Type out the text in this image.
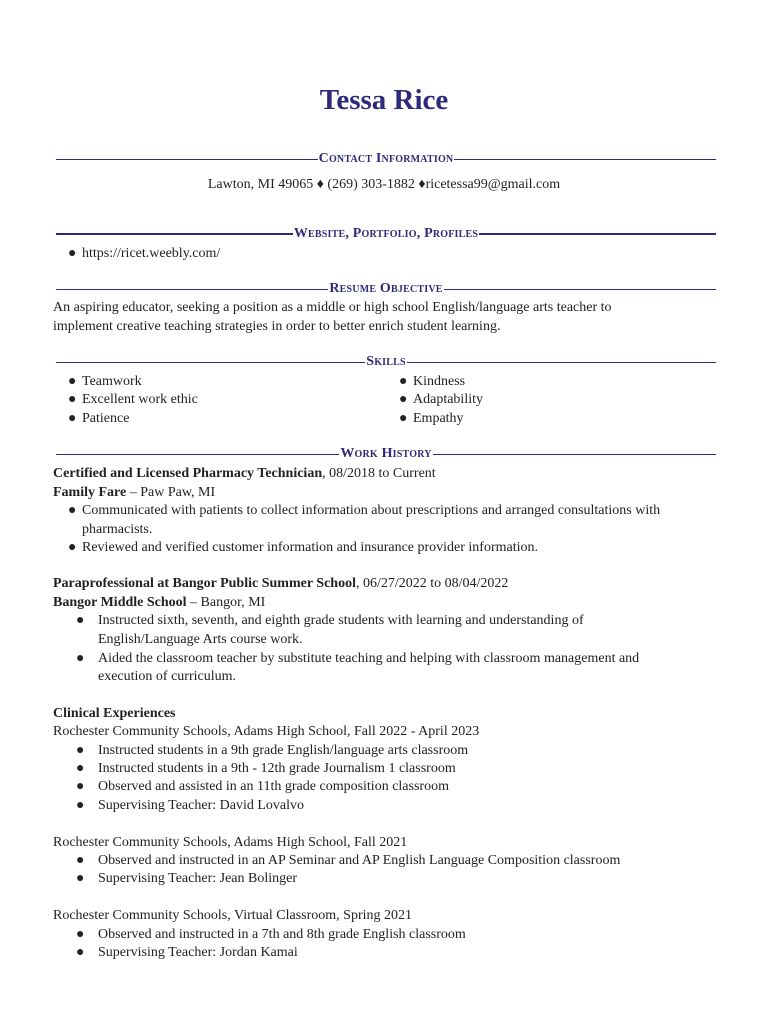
Tessa Rice
Contact Information
Lawton, MI 49065 ♦ (269) 303-1882 ♦ricetessa99@gmail.com
Website, Portfolio, Profiles
● https://ricet.weebly.com/
Resume Objective
An aspiring educator, seeking a position as a middle or high school English/language arts teacher to
implement creative teaching strategies in order to better enrich student learning.
Skills
● Teamwork
● Excellent work ethic
● Patience
● Kindness
● Adaptability
● Empathy
Work History
Certified and Licensed Pharmacy Technician, 08/2018 to Current
Family Fare – Paw Paw, MI
● Communicated with patients to collect information about prescriptions and arranged consultations with
pharmacists.
● Reviewed and verified customer information and insurance provider information.
Paraprofessional at Bangor Public Summer School, 06/27/2022 to 08/04/2022
Bangor Middle School – Bangor, MI
● Instructed sixth, seventh, and eighth grade students with learning and understanding of
English/Language Arts course work.
● Aided the classroom teacher by substitute teaching and helping with classroom management and
execution of curriculum.
Clinical Experiences
Rochester Community Schools, Adams High School, Fall 2022 - April 2023
● Instructed students in a 9th grade English/language arts classroom
● Instructed students in a 9th - 12th grade Journalism 1 classroom
● Observed and assisted in an 11th grade composition classroom
● Supervising Teacher: David Lovalvo
Rochester Community Schools, Adams High School, Fall 2021
● Observed and instructed in an AP Seminar and AP English Language Composition classroom
● Supervising Teacher: Jean Bolinger
Rochester Community Schools, Virtual Classroom, Spring 2021
● Observed and instructed in a 7th and 8th grade English classroom
● Supervising Teacher: Jordan Kamai
